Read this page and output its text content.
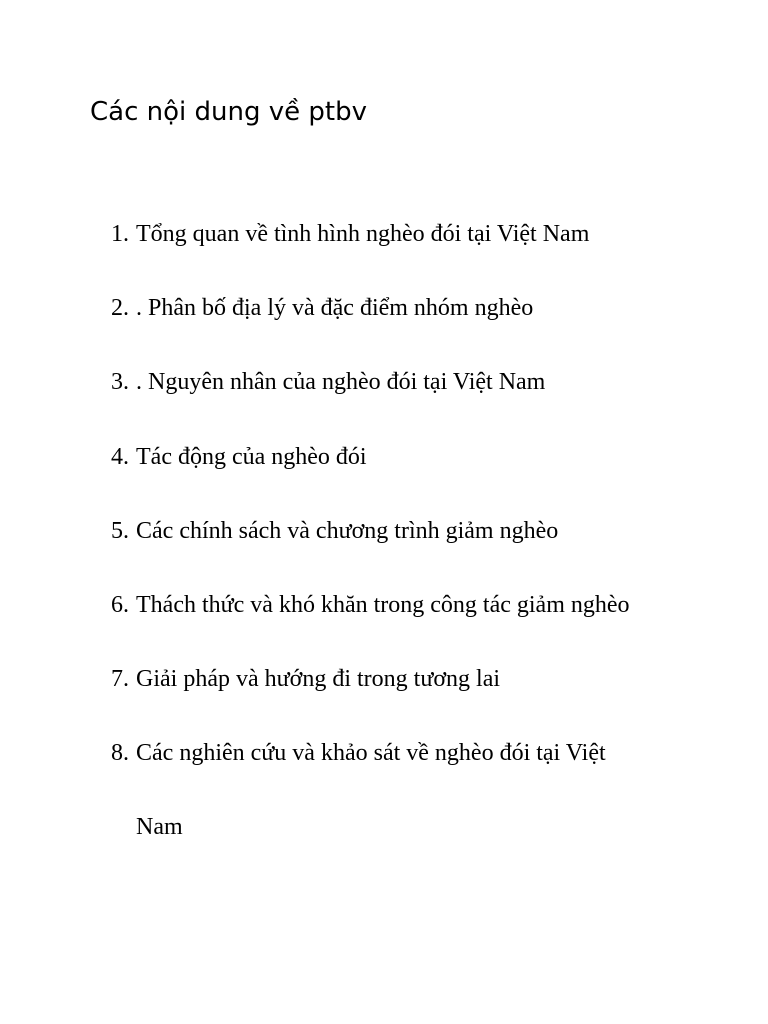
Các nội dung về ptbv
1. Tổng quan về tình hình nghèo đói tại Việt Nam
2. . Phân bố địa lý và đặc điểm nhóm nghèo
3. . Nguyên nhân của nghèo đói tại Việt Nam
4. Tác động của nghèo đói
5. Các chính sách và chương trình giảm nghèo
6. Thách thức và khó khăn trong công tác giảm nghèo
7. Giải pháp và hướng đi trong tương lai
8. Các nghiên cứu và khảo sát về nghèo đói tại Việt Nam
